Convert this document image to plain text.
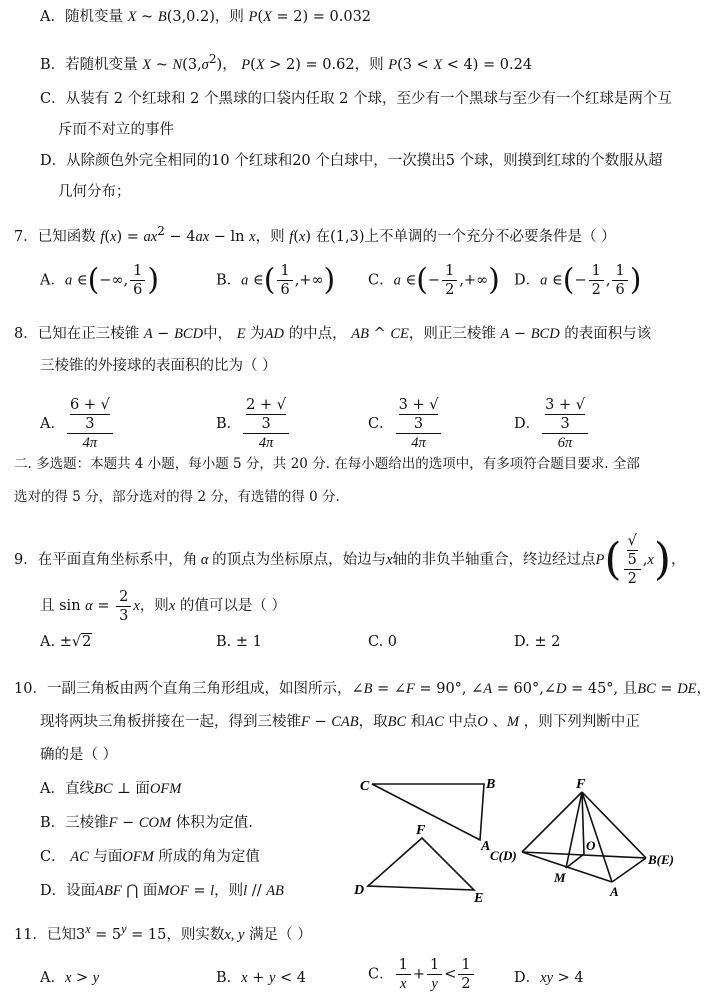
A．随机变量 X ~ B(3,0.2)，则 P(X = 2) = 0.032
B．若随机变量 X ~ $N(3,\sigma^2)$， P(X > 2) = 0.62，则 P(3 < X < 4) = 0.24
C．从装有 2 个红球和 2 个黑球的口袋内任取 2 个球，至少有一个黑球与至少有一个红球是两个互
斥而不对立的事件
D．从除颜色外完全相同的10 个红球和20 个白球中，一次摸出5 个球，则摸到红球的个数服从超
几何分布；
7．已知函数 $f(x) = ax^2 - 4ax - \ln x$，则 f(x) 在(1,3)上不单调的一个充分不必要条件是（ ）
A．a ∈(−∞, $\frac{1}{6}$ )	B．a ∈( $\frac{1}{6}$ ,+∞) C．a ∈(− $\frac{1}{2}$ ,+∞) D．a ∈(− $\frac{1}{2}$ , $\frac{1}{6}$ )
8．已知在正三棱锥 A − BCD中， E 为AD 的中点， AB ^ CE，则正三棱锥 A − BCD 的表面积与该
三棱锥的外接球的表面积的比为（ ）
A． 6 + √
3
4π	B． 2 + √
3
4π	C． 3 + √
3
4π	D． 3 + √
3
6π
二. 多选题：本题共 4 小题，每小题 5 分，共 20 分. 在每小题给出的选项中，有多项符合题目要求. 全部
选对的得 5 分，部分选对的得 2 分，有选错的得 0 分.
9．在平面直角坐标系中，角 α 的顶点为坐标原点，始边与x轴的非负半轴重合，终边经过点P( √
5
2 ,x)，
且 $\sin \alpha = \frac{2}{3}$ x，则x 的值可以是（ ）
A. ±√2	B. ± 1	C. 0	D. ± 2
10．一副三角板由两个直角三角形组成，如图所示，∠B = ∠F = 90°, ∠A = 60°,∠D = 45°, 且BC = DE，
现将两块三角板拼接在一起，得到三棱锥F − CAB，取BC 和AC 中点O 、M ，则下列判断中正
确的是（ ）
A．直线BC ⊥ 面OFM
B．三棱锥F − COM 体积为定值.
C． AC 与面OFM 所成的角为定值
D．设面ABF ⋂ 面MOF = l，则l // AB
C	B
A
F
D
E
F
C(D)
O
B(E)
M
A
11．已知$3^x = 5^y = 15$，则实数x, y 满足（ ）
A．x > y	B．x + y < 4	C． $\frac{1}{x} + \frac{1}{y} < \frac{1}{2}$	D．xy > 4
